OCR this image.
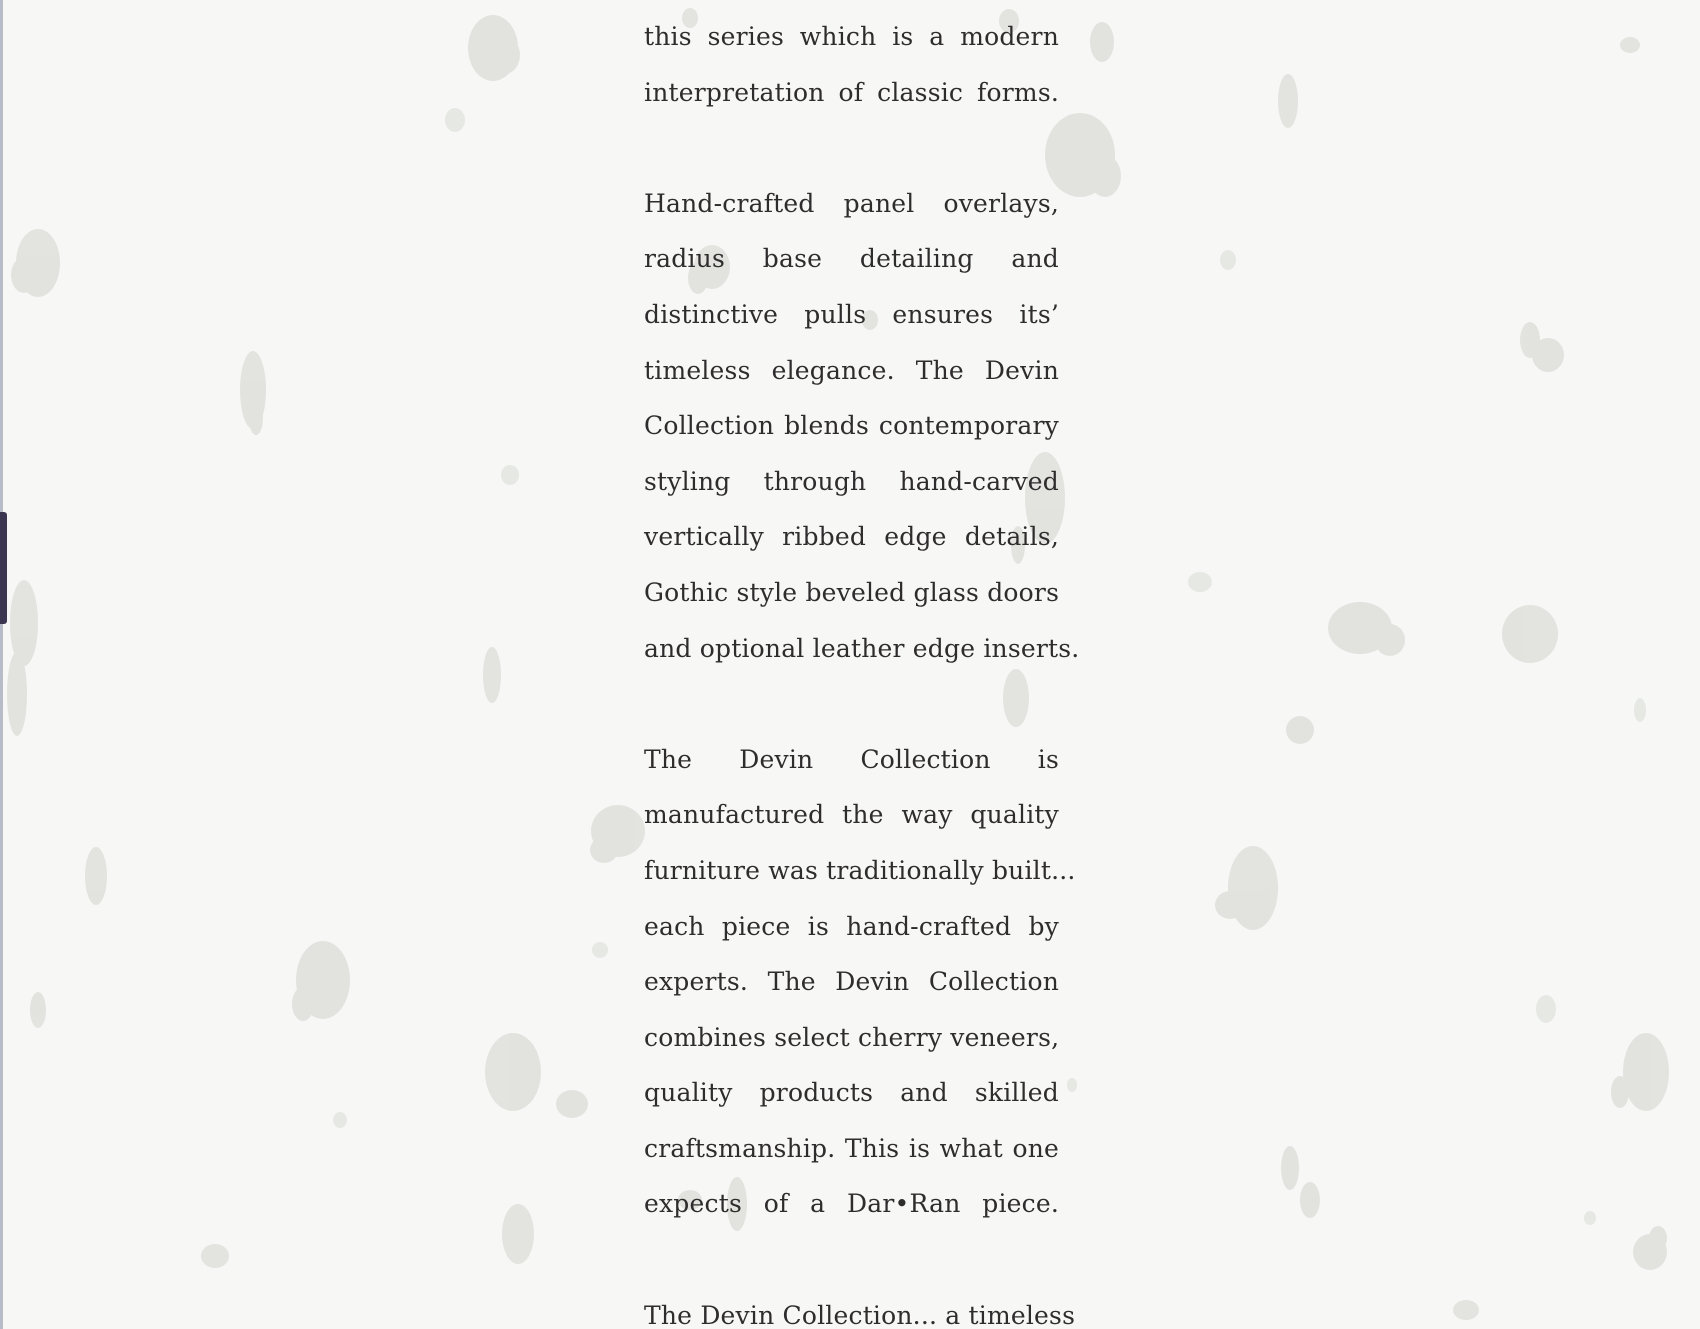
this series which is a modern
interpretation of classic forms.
Hand-crafted panel overlays,
radius base detailing and
distinctive pulls ensures its’
timeless elegance. The Devin
Collection blends contemporary
styling through hand-carved
vertically ribbed edge details,
Gothic style beveled glass doors
and optional leather edge inserts.
The Devin Collection is
manufactured the way quality
furniture was traditionally built...
each piece is hand-crafted by
experts. The Devin Collection
combines select cherry veneers,
quality products and skilled
craftsmanship. This is what one
expects of a Dar•Ran piece.
The Devin Collection... a timeless
